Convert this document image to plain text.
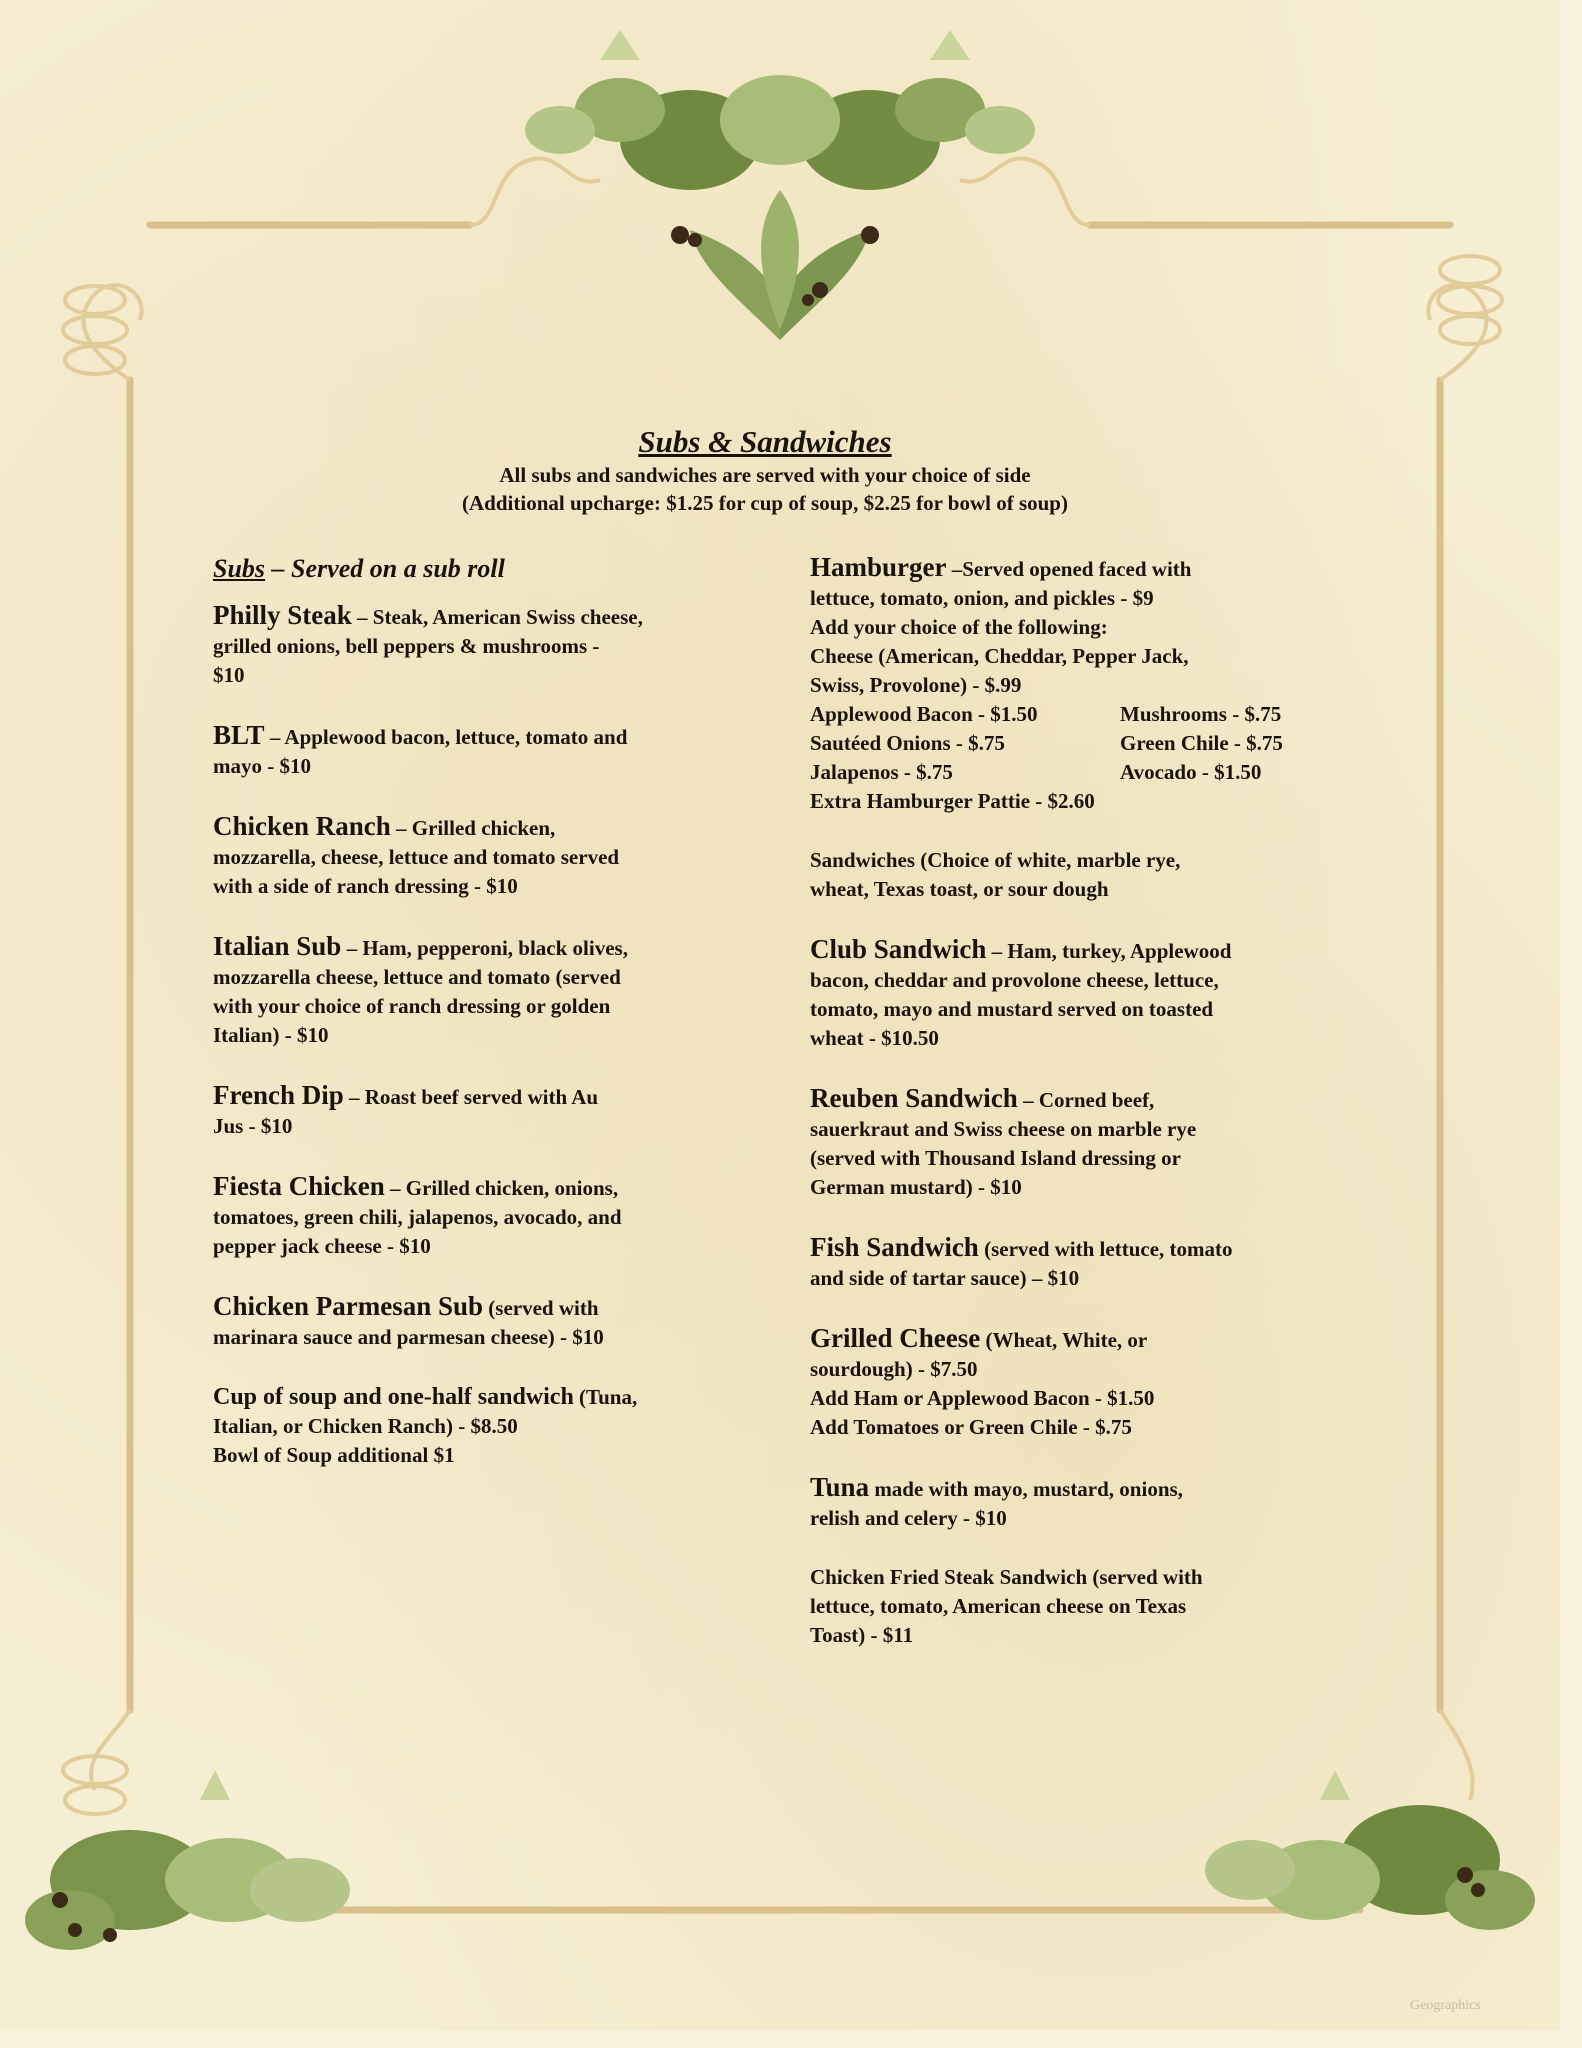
Subs & Sandwiches
All subs and sandwiches are served with your choice of side
(Additional upcharge: $1.25 for cup of soup, $2.25 for bowl of soup)
Subs – Served on a sub roll
Philly Steak – Steak, American Swiss cheese,
grilled onions, bell peppers & mushrooms -
$10
BLT – Applewood bacon, lettuce, tomato and
mayo - $10
Chicken Ranch – Grilled chicken,
mozzarella, cheese, lettuce and tomato served
with a side of ranch dressing - $10
Italian Sub – Ham, pepperoni, black olives,
mozzarella cheese, lettuce and tomato (served
with your choice of ranch dressing or golden
Italian) - $10
French Dip – Roast beef served with Au
Jus - $10
Fiesta Chicken – Grilled chicken, onions,
tomatoes, green chili, jalapenos, avocado, and
pepper jack cheese - $10
Chicken Parmesan Sub (served with
marinara sauce and parmesan cheese) - $10
Cup of soup and one-half sandwich (Tuna,
Italian, or Chicken Ranch) - $8.50
Bowl of Soup additional $1
Hamburger –Served opened faced with
lettuce, tomato, onion, and pickles - $9
Add your choice of the following:
Cheese (American, Cheddar, Pepper Jack,
Swiss, Provolone) - $.99
Applewood Bacon - $1.50	Mushrooms - $.75
Sautéed Onions - $.75	Green Chile - $.75
Jalapenos - $.75	Avocado - $1.50
Extra Hamburger Pattie - $2.60
Sandwiches (Choice of white, marble rye,
wheat, Texas toast, or sour dough
Club Sandwich – Ham, turkey, Applewood
bacon, cheddar and provolone cheese, lettuce,
tomato, mayo and mustard served on toasted
wheat - $10.50
Reuben Sandwich – Corned beef,
sauerkraut and Swiss cheese on marble rye
(served with Thousand Island dressing or
German mustard) - $10
Fish Sandwich (served with lettuce, tomato
and side of tartar sauce) – $10
Grilled Cheese (Wheat, White, or
sourdough) - $7.50
Add Ham or Applewood Bacon - $1.50
Add Tomatoes or Green Chile - $.75
Tuna made with mayo, mustard, onions,
relish and celery - $10
Chicken Fried Steak Sandwich (served with
lettuce, tomato, American cheese on Texas
Toast) - $11
Geographics
